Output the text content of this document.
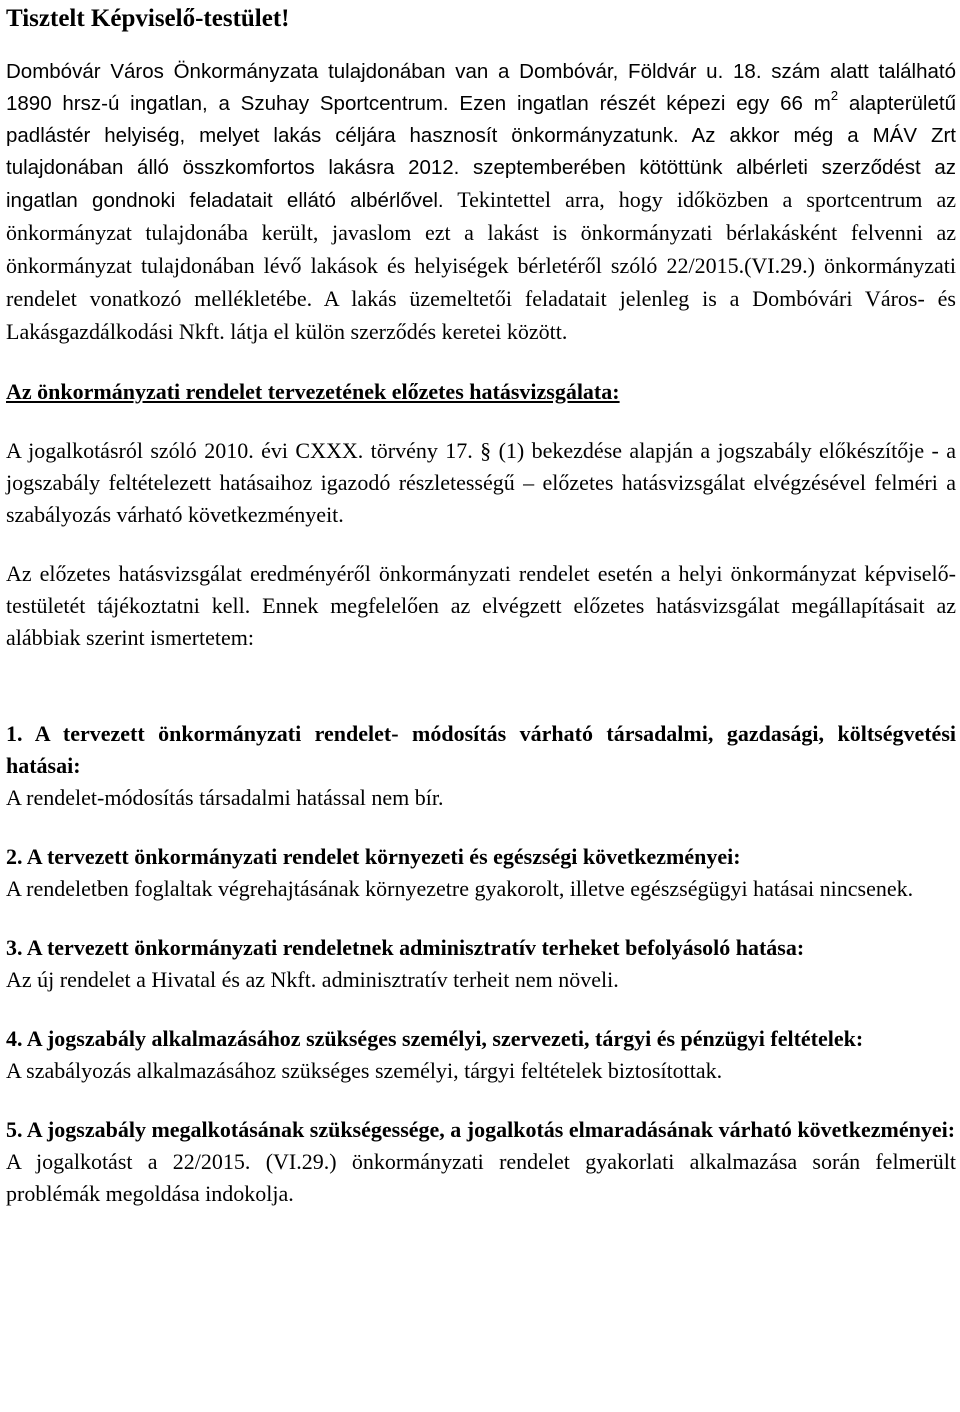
Tisztelt Képviselő-testület!

Dombóvár Város Önkormányzata tulajdonában van a Dombóvár, Földvár u. 18. szám alatt található 1890 hrsz-ú ingatlan, a Szuhay Sportcentrum. Ezen ingatlan részét képezi egy 66 $m^2$ alapterületű padlástér helyiség, melyet lakás céljára hasznosít önkormányzatunk. Az akkor még a MÁV Zrt tulajdonában álló összkomfortos lakásra 2012. szeptemberében kötöttünk albérleti szerződést az ingatlan gondnoki feladatait ellátó albérlővel. Tekintettel arra, hogy időközben a sportcentrum az önkormányzat tulajdonába került, javaslom ezt a lakást is önkormányzati bérlakásként felvenni az önkormányzat tulajdonában lévő lakások és helyiségek bérletéről szóló 22/2015.(VI.29.) önkormányzati rendelet vonatkozó mellékletébe. A lakás üzemeltetői feladatait jelenleg is a Dombóvári Város- és Lakásgazdálkodási Nkft. látja el külön szerződés keretei között.

Az önkormányzati rendelet tervezetének előzetes hatásvizsgálata:

A jogalkotásról szóló 2010. évi CXXX. törvény 17. § (1) bekezdése alapján a jogszabály előkészítője - a jogszabály feltételezett hatásaihoz igazodó részletességű – előzetes hatásvizsgálat elvégzésével felméri a szabályozás várható következményeit.

Az előzetes hatásvizsgálat eredményéről önkormányzati rendelet esetén a helyi önkormányzat képviselő-testületét tájékoztatni kell. Ennek megfelelően az elvégzett előzetes hatásvizsgálat megállapításait az alábbiak szerint ismertetem:

1. A tervezett önkormányzati rendelet- módosítás várható társadalmi, gazdasági, költségvetési hatásai:

A rendelet-módosítás társadalmi hatással nem bír.

2. A tervezett önkormányzati rendelet környezeti és egészségi következményei:

A rendeletben foglaltak végrehajtásának környezetre gyakorolt, illetve egészségügyi hatásai nincsenek.

3. A tervezett önkormányzati rendeletnek adminisztratív terheket befolyásoló hatása:

Az új rendelet a Hivatal és az Nkft. adminisztratív terheit nem növeli.

4. A jogszabály alkalmazásához szükséges személyi, szervezeti, tárgyi és pénzügyi feltételek:

A szabályozás alkalmazásához szükséges személyi, tárgyi feltételek biztosítottak.

5. A jogszabály megalkotásának szükségessége, a jogalkotás elmaradásának várható következményei:

A jogalkotást a 22/2015. (VI.29.) önkormányzati rendelet gyakorlati alkalmazása során felmerült problémák megoldása indokolja.
